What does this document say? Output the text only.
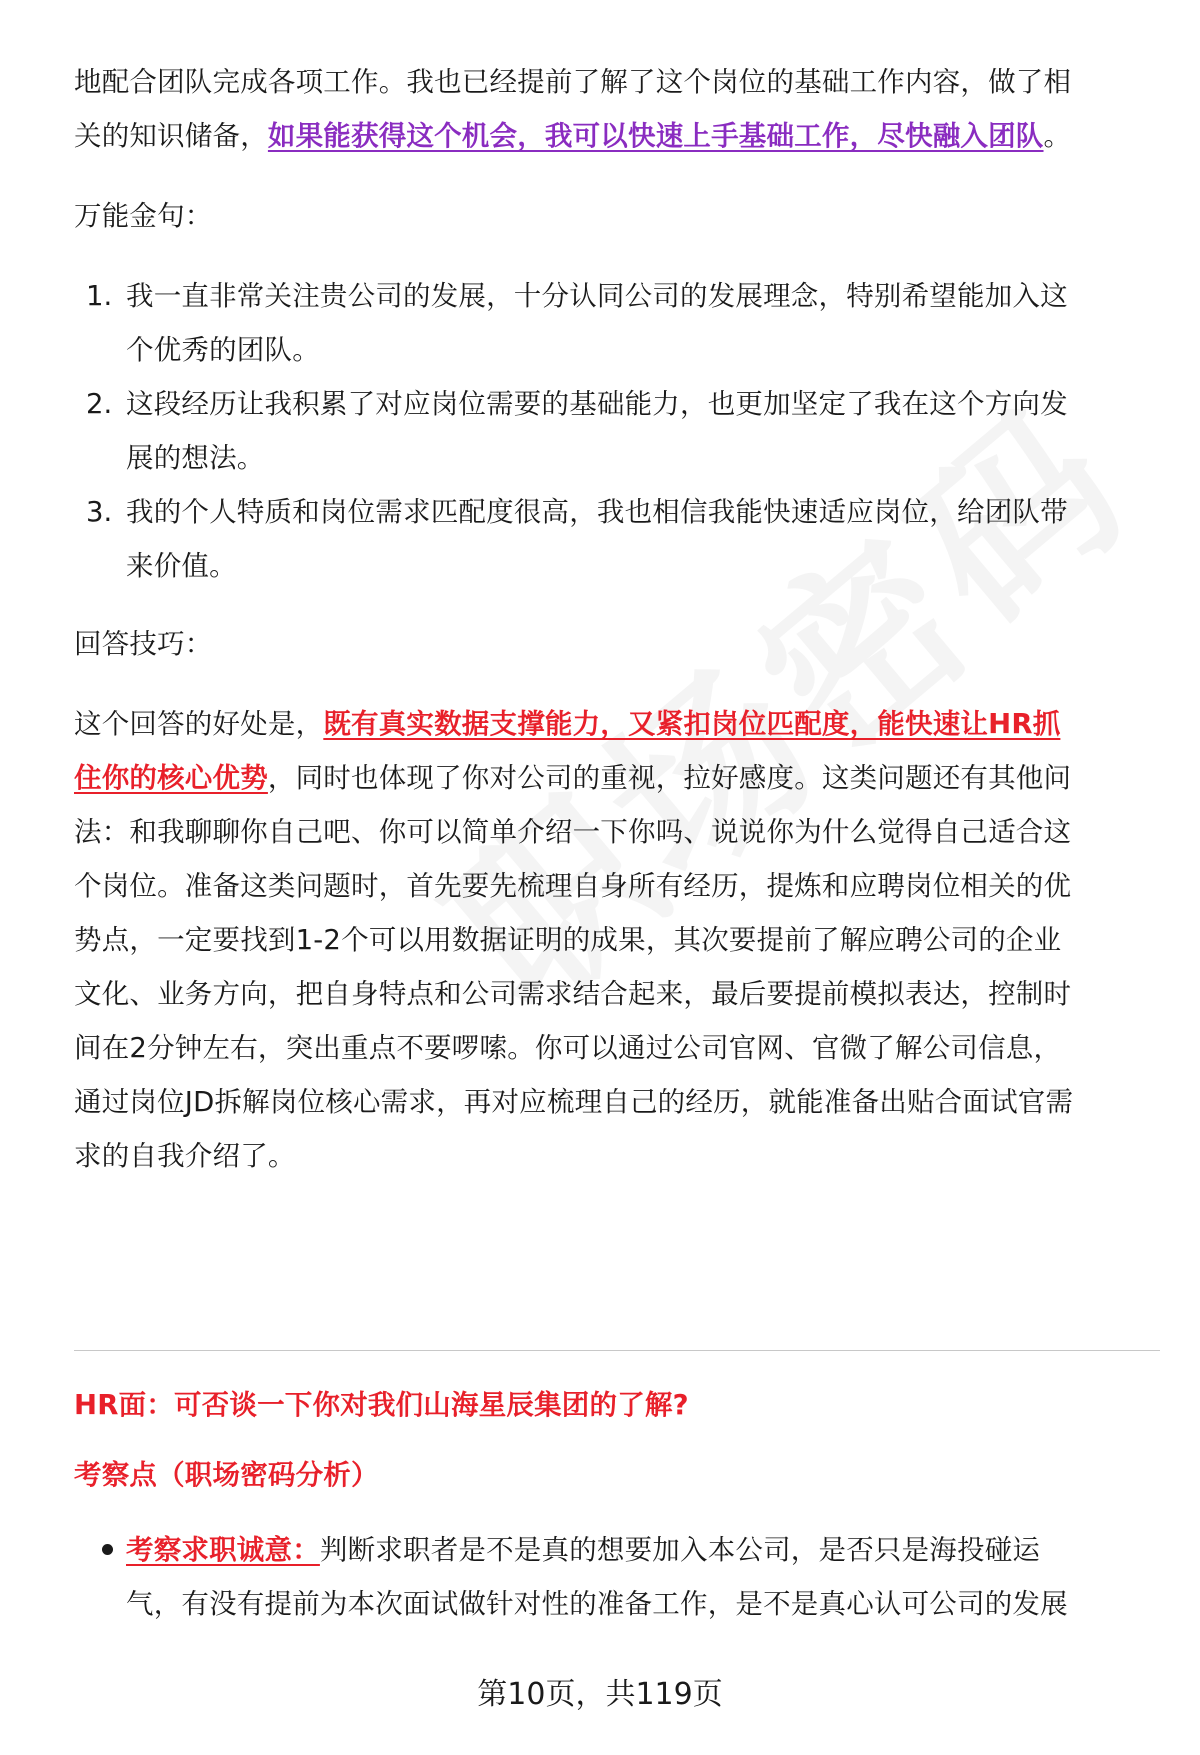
地配合团队完成各项工作。我也已经提前了解了这个岗位的基础工作内容，做了相
关的知识储备，如果能获得这个机会，我可以快速上手基础工作，尽快融入团队。
万能金句：
1. 我一直非常关注贵公司的发展，十分认同公司的发展理念，特别希望能加入这
个优秀的团队。
2. 这段经历让我积累了对应岗位需要的基础能力，也更加坚定了我在这个方向发
展的想法。
3. 我的个人特质和岗位需求匹配度很高，我也相信我能快速适应岗位，给团队带
来价值。
回答技巧：
这个回答的好处是，既有真实数据支撑能力，又紧扣岗位匹配度，能快速让HR抓
住你的核心优势，同时也体现了你对公司的重视，拉好感度。这类问题还有其他问
法：和我聊聊你自己吧、你可以简单介绍一下你吗、说说你为什么觉得自己适合这
个岗位。准备这类问题时，首先要先梳理自身所有经历，提炼和应聘岗位相关的优
势点，一定要找到1-2个可以用数据证明的成果，其次要提前了解应聘公司的企业
文化、业务方向，把自身特点和公司需求结合起来，最后要提前模拟表达，控制时
间在2分钟左右，突出重点不要啰嗦。你可以通过公司官网、官微了解公司信息，
通过岗位JD拆解岗位核心需求，再对应梳理自己的经历，就能准备出贴合面试官需
求的自我介绍了。
HR面：可否谈一下你对我们山海星辰集团的了解?
考察点（职场密码分析）
考察求职诚意：判断求职者是不是真的想要加入本公司，是否只是海投碰运
气，有没有提前为本次面试做针对性的准备工作，是不是真心认可公司的发展
第10页，共119页
